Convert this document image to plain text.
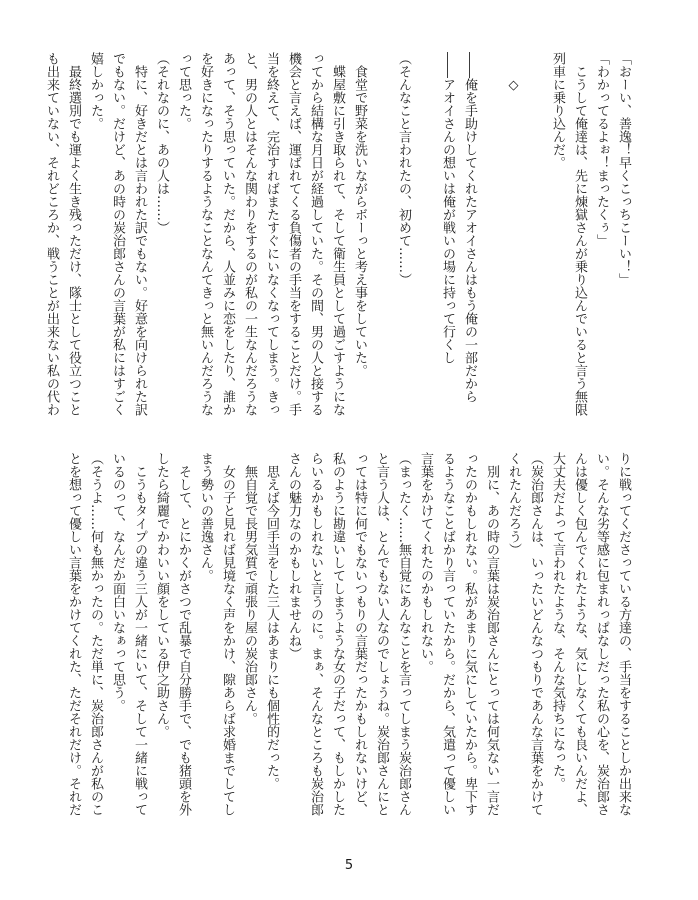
「おーい、善逸！早くこっちこーい！」
「わかってるよぉ！まったくぅ」
　こうして俺達は、先に煉獄さんが乗り込んでいると言う無限
列車に乗り込んだ。

　　◇

――俺を手助けしてくれたアオイさんはもう俺の一部だから
――アオイさんの想いは俺が戦いの場に持って行くし

（そんなこと言われたの、初めて……）

　食堂で野菜を洗いながらボーっと考え事をしていた。
　蝶屋敷に引き取られて、そして衛生員として過ごすようにな
ってから結構な月日が経過していた。その間、男の人と接する
機会と言えば、運ばれてくる負傷者の手当をすることだけ。手
当を終えて、完治すればまたすぐにいなくなってしまう。きっ
と、男の人とはそんな関わりをするのが私の一生なんだろうな
あって、そう思っていた。だから、人並みに恋をしたり、誰か
を好きになったりするようなことなんてきっと無いんだろうな
って思った。
（それなのに、あの人は……）
　特に、好きだとは言われた訳でもない。好意を向けられた訳
でもない。だけど、あの時の炭治郎さんの言葉が私にはすごく
嬉しかった。
　最終選別でも運よく生き残っただけ、隊士として役立つこと
も出来ていない、それどころか、戦うことが出来ない私の代わ
りに戦ってくださっている方達の、手当をすることしか出来な
い。そんな劣等感に包まれっぱなしだった私の心を、炭治郎さ
んは優しく包んでくれたような、気にしなくても良いんだよ、
大丈夫だよって言われたような、そんな気持ちになった。
（炭治郎さんは、いったいどんなつもりであんな言葉をかけて
くれたんだろう）
　別に、あの時の言葉は炭治郎さんにとっては何気ない一言だ
ったのかもしれない。私があまりに気にしていたから。卑下す
るようなことばかり言っていたから。だから、気遣って優しい
言葉をかけてくれたのかもしれない。
（まったく……無自覚にあんなことを言ってしまう炭治郎さん
と言う人は、とんでもない人なのでしょうね。炭治郎さんにと
っては特に何でもないつもりの言葉だったかもしれないけど、
私のように勘違いしてしまうような女の子だって、もしかした
らいるかもしれないと言うのに。まぁ、そんなところも炭治郎
さんの魅力なのかもしれませんね）
　思えば今回手当をした三人はあまりにも個性的だった。
　無自覚で長男気質で頑張り屋の炭治郎さん。
　女の子と見れば見境なく声をかけ、隙あらば求婚までしてし
まう勢いの善逸さん。
　そして、とにかくがさつで乱暴で自分勝手で、でも猪頭を外
したら綺麗でかわいい顔をしている伊之助さん。
　こうもタイプの違う三人が一緒にいて、そして一緒に戦って
いるのって、なんだか面白いなぁって思う。
（そうよ……何も無かったの。ただ単に、炭治郎さんが私のこ
とを想って優しい言葉をかけてくれた、ただそれだけ。それだ
5
